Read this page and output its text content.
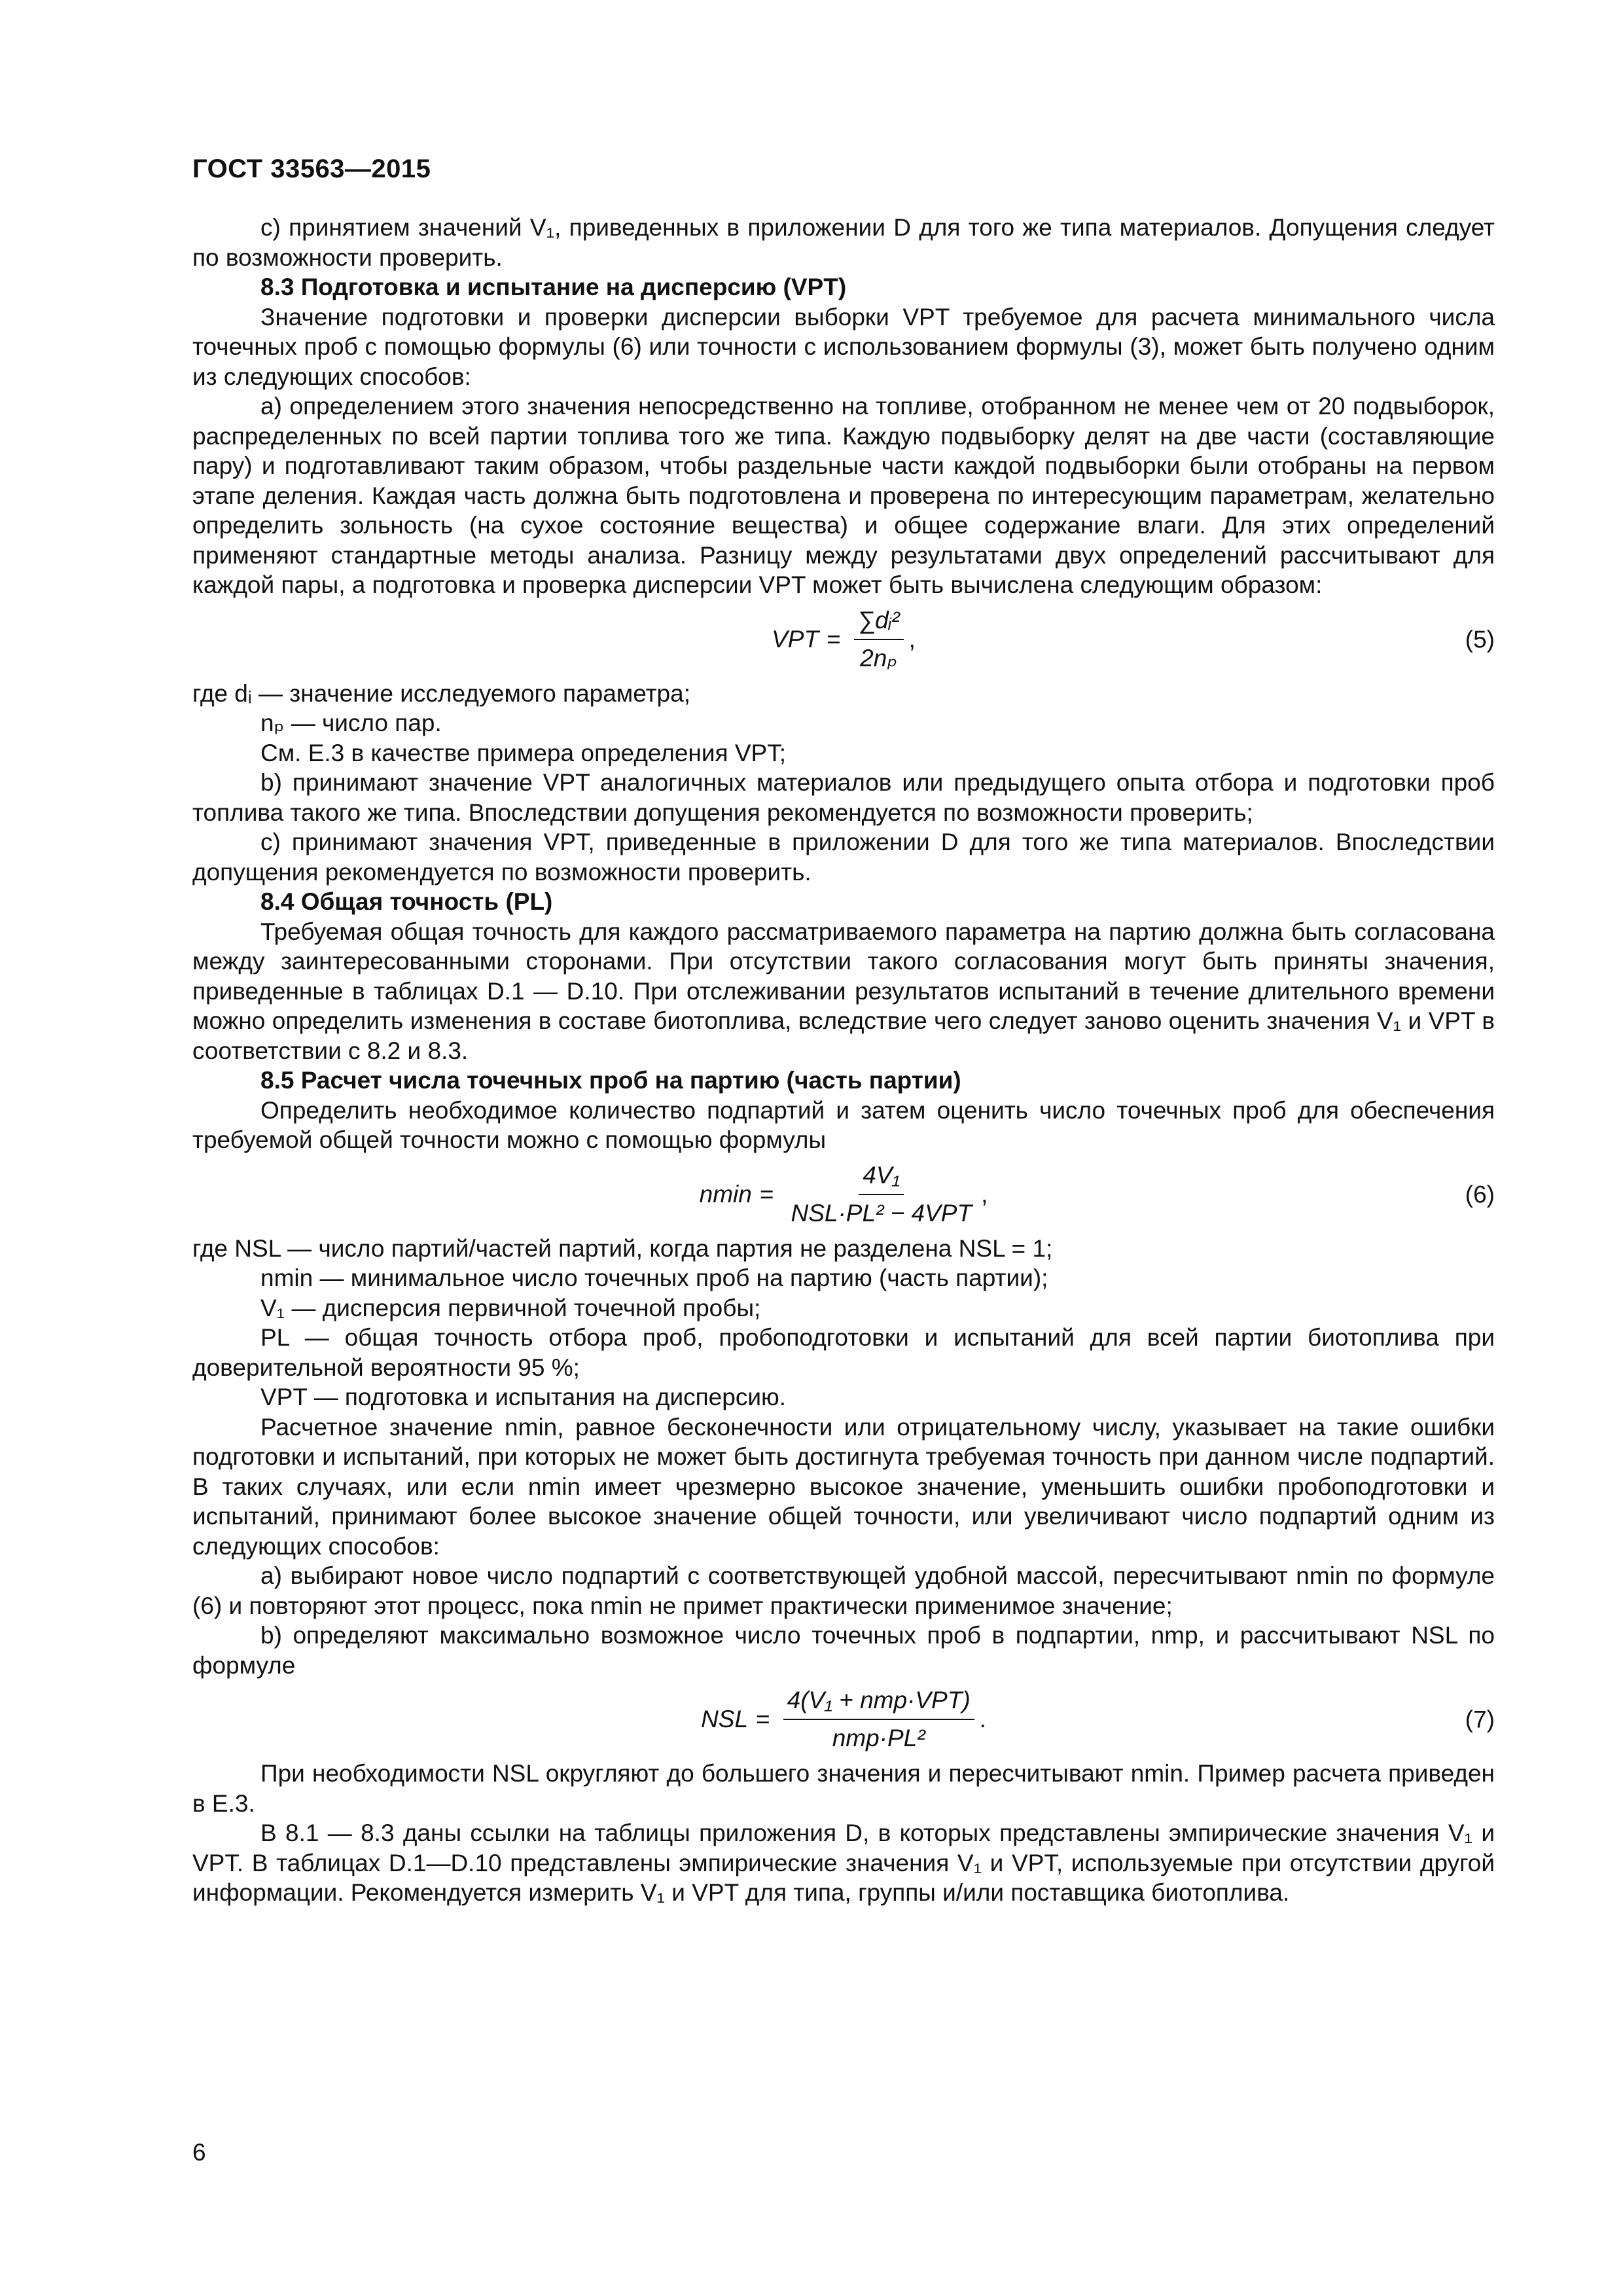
ГОСТ 33563—2015

с) принятием значений V₁, приведенных в приложении D для того же типа материалов. Допущения следует по возможности проверить.

8.3 Подготовка и испытание на дисперсию (VPT)

Значение подготовки и проверки дисперсии выборки VPT требуемое для расчета минимального числа точечных проб с помощью формулы (6) или точности с использованием формулы (3), может быть получено одним из следующих способов:

а) определением этого значения непосредственно на топливе, отобранном не менее чем от 20 подвыборок, распределенных по всей партии топлива того же типа. Каждую подвыборку делят на две части (составляющие пару) и подготавливают таким образом, чтобы раздельные части каждой подвыборки были отобраны на первом этапе деления. Каждая часть должна быть подготовлена и проверена по интересующим параметрам, желательно определить зольность (на сухое состояние вещества) и общее содержание влаги. Для этих определений применяют стандартные методы анализа. Разницу между результатами двух определений рассчитывают для каждой пары, а подготовка и проверка дисперсии VPT может быть вычислена следующим образом:

VPT = $\frac{\text{∑dᵢ²}}{\text{2nₚ}}$ ,	(5)

где dᵢ — значение исследуемого параметра;

nₚ — число пар.

См. Е.3 в качестве примера определения VPT;

b) принимают значение VPT аналогичных материалов или предыдущего опыта отбора и подготовки проб топлива такого же типа. Впоследствии допущения рекомендуется по возможности проверить;

с) принимают значения VPT, приведенные в приложении D для того же типа материалов. Впоследствии допущения рекомендуется по возможности проверить.

8.4 Общая точность (PL)

Требуемая общая точность для каждого рассматриваемого параметра на партию должна быть согласована между заинтересованными сторонами. При отсутствии такого согласования могут быть приняты значения, приведенные в таблицах D.1 — D.10. При отслеживании результатов испытаний в течение длительного времени можно определить изменения в составе биотоплива, вследствие чего следует заново оценить значения V₁ и VPT в соответствии с 8.2 и 8.3.

8.5 Расчет числа точечных проб на партию (часть партии)

Определить необходимое количество подпартий и затем оценить число точечных проб для обеспечения требуемой общей точности можно с помощью формулы

$nmin = \frac{\text{4V₁}}{\text{NSL·PL² − 4VPT}}$ ,	(6)

где NSL — число партий/частей партий, когда партия не разделена NSL = 1;

nmin — минимальное число точечных проб на партию (часть партии);

V₁ — дисперсия первичной точечной пробы;

PL — общая точность отбора проб, пробоподготовки и испытаний для всей партии биотоплива при доверительной вероятности 95 %;

VPT — подготовка и испытания на дисперсию.

Расчетное значение nmin, равное бесконечности или отрицательному числу, указывает на такие ошибки подготовки и испытаний, при которых не может быть достигнута требуемая точность при данном числе подпартий. В таких случаях, или если nmin имеет чрезмерно высокое значение, уменьшить ошибки пробоподготовки и испытаний, принимают более высокое значение общей точности, или увеличивают число подпартий одним из следующих способов:

а) выбирают новое число подпартий с соответствующей удобной массой, пересчитывают nmin по формуле (6) и повторяют этот процесс, пока nmin не примет практически применимое значение;

b) определяют максимально возможное число точечных проб в подпартии, nmp, и рассчитывают NSL по формуле

NSL = $\frac{\text{4(V₁ + nmp·VPT)}}{\text{nmp·PL²}}$ .	(7)

При необходимости NSL округляют до большего значения и пересчитывают nmin. Пример расчета приведен в Е.3.

В 8.1 — 8.3 даны ссылки на таблицы приложения D, в которых представлены эмпирические значения V₁ и VPT. В таблицах D.1—D.10 представлены эмпирические значения V₁ и VPT, используемые при отсутствии другой информации. Рекомендуется измерить V₁ и VPT для типа, группы и/или поставщика биотоплива.

6
